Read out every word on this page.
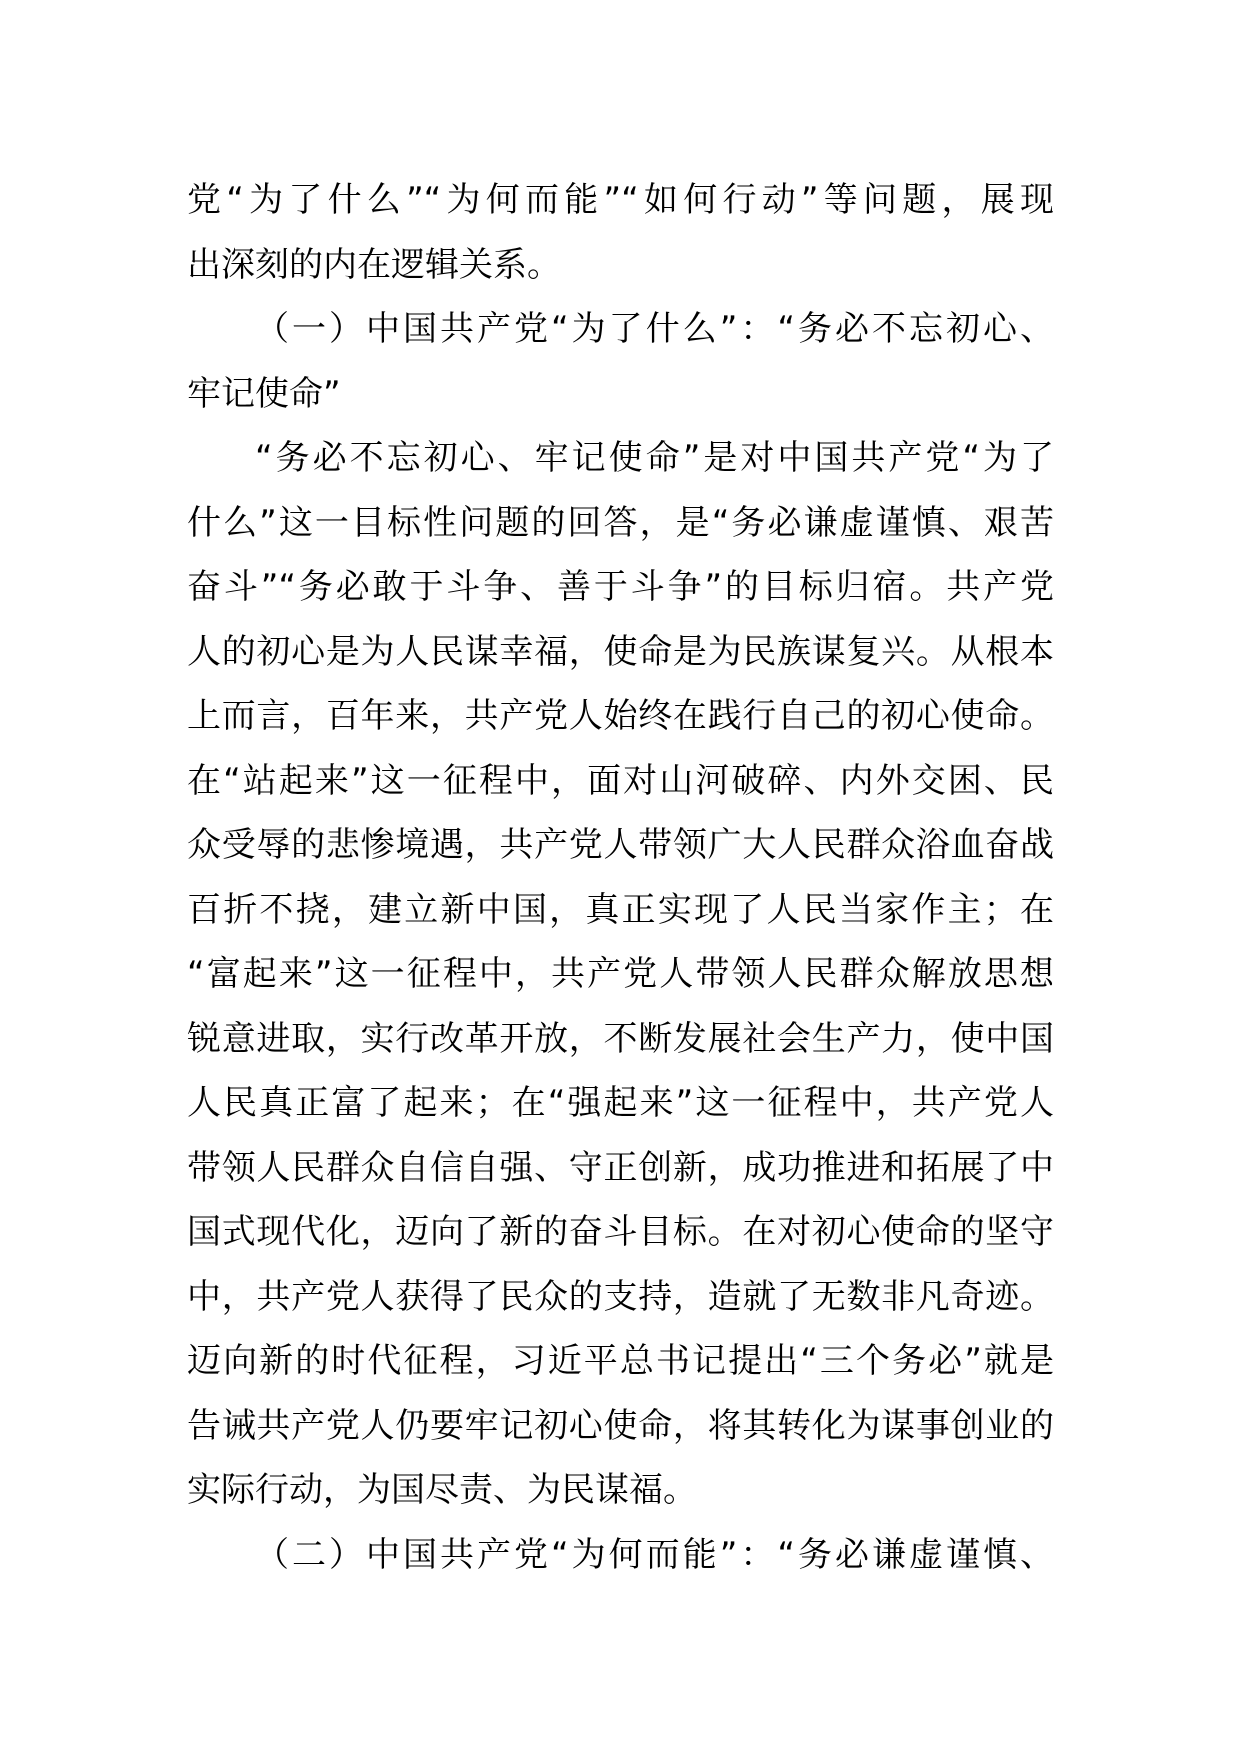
党“为了什么”“为何而能”“如何行动”等问题，展现
出深刻的内在逻辑关系。
（一）中国共产党“为了什么”：“务必不忘初心、
牢记使命”
“务必不忘初心、牢记使命”是对中国共产党“为了
什么”这一目标性问题的回答，是“务必谦虚谨慎、艰苦
奋斗”“务必敢于斗争、善于斗争”的目标归宿。共产党
人的初心是为人民谋幸福，使命是为民族谋复兴。从根本
上而言，百年来，共产党人始终在践行自己的初心使命。
在“站起来”这一征程中，面对山河破碎、内外交困、民
众受辱的悲惨境遇，共产党人带领广大人民群众浴血奋战
百折不挠，建立新中国，真正实现了人民当家作主；在
“富起来”这一征程中，共产党人带领人民群众解放思想
锐意进取，实行改革开放，不断发展社会生产力，使中国
人民真正富了起来；在“强起来”这一征程中，共产党人
带领人民群众自信自强、守正创新，成功推进和拓展了中
国式现代化，迈向了新的奋斗目标。在对初心使命的坚守
中，共产党人获得了民众的支持，造就了无数非凡奇迹。
迈向新的时代征程，习近平总书记提出“三个务必”就是
告诫共产党人仍要牢记初心使命，将其转化为谋事创业的
实际行动，为国尽责、为民谋福。
（二）中国共产党“为何而能”：“务必谦虚谨慎、
